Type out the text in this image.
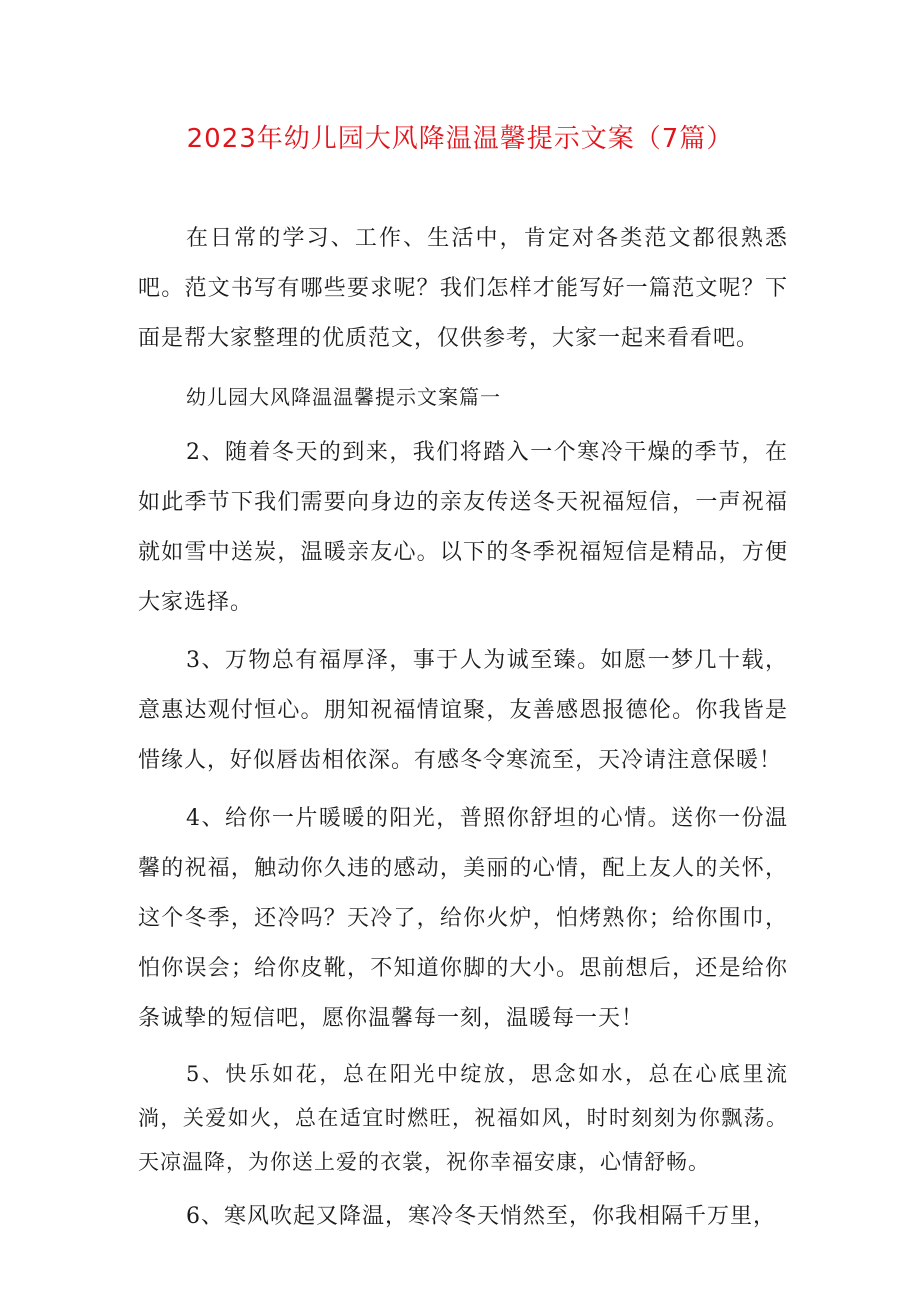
2023年幼儿园大风降温温馨提示文案（7篇）

在日常的学习、工作、生活中，肯定对各类范文都很熟悉吧。范文书写有哪些要求呢？我们怎样才能写好一篇范文呢？下面是帮大家整理的优质范文，仅供参考，大家一起来看看吧。

幼儿园大风降温温馨提示文案篇一

2、随着冬天的到来，我们将踏入一个寒冷干燥的季节，在如此季节下我们需要向身边的亲友传送冬天祝福短信，一声祝福就如雪中送炭，温暖亲友心。以下的冬季祝福短信是精品，方便大家选择。

3、万物总有福厚泽，事于人为诚至臻。如愿一梦几十载，意惠达观付恒心。朋知祝福情谊聚，友善感恩报德伦。你我皆是惜缘人，好似唇齿相依深。有感冬令寒流至，天冷请注意保暖！

4、给你一片暖暖的阳光，普照你舒坦的心情。送你一份温馨的祝福，触动你久违的感动，美丽的心情，配上友人的关怀，这个冬季，还冷吗？天冷了，给你火炉，怕烤熟你；给你围巾，怕你误会；给你皮靴，不知道你脚的大小。思前想后，还是给你条诚挚的短信吧，愿你温馨每一刻，温暖每一天！

5、快乐如花，总在阳光中绽放，思念如水，总在心底里流淌，关爱如火，总在适宜时燃旺，祝福如风，时时刻刻为你飘荡。天凉温降，为你送上爱的衣裳，祝你幸福安康，心情舒畅。

6、寒风吹起又降温，寒冷冬天悄然至，你我相隔千万里，
